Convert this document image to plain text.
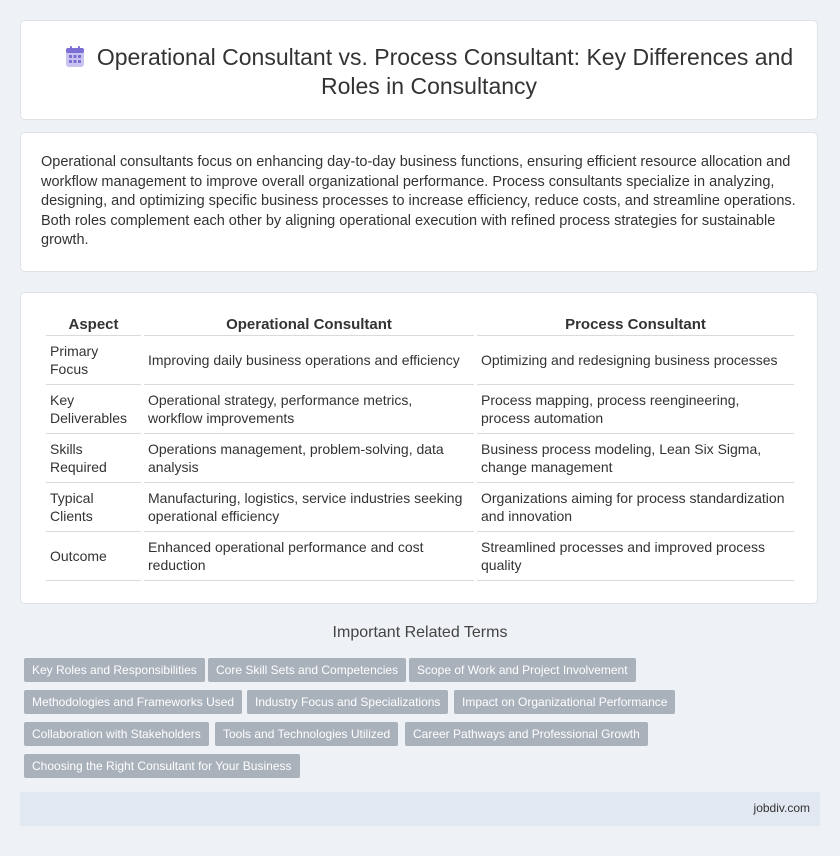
Operational Consultant vs. Process Consultant: Key Differences and Roles in Consultancy

Operational consultants focus on enhancing day-to-day business functions, ensuring efficient resource allocation and workflow management to improve overall organizational performance. Process consultants specialize in analyzing, designing, and optimizing specific business processes to increase efficiency, reduce costs, and streamline operations. Both roles complement each other by aligning operational execution with refined process strategies for sustainable growth.

Aspect	Operational Consultant	Process Consultant
Primary Focus	Improving daily business operations and efficiency	Optimizing and redesigning business processes
Key Deliverables	Operational strategy, performance metrics, workflow improvements	Process mapping, process reengineering, process automation
Skills Required	Operations management, problem-solving, data analysis	Business process modeling, Lean Six Sigma, change management
Typical Clients	Manufacturing, logistics, service industries seeking operational efficiency	Organizations aiming for process standardization and innovation
Outcome	Enhanced operational performance and cost reduction	Streamlined processes and improved process quality
Important Related Terms
Key Roles and Responsibilities	Core Skill Sets and Competencies	Scope of Work and Project Involvement
Methodologies and Frameworks Used	Industry Focus and Specializations	Impact on Organizational Performance
Collaboration with Stakeholders	Tools and Technologies Utilized	Career Pathways and Professional Growth
Choosing the Right Consultant for Your Business
jobdiv.com
